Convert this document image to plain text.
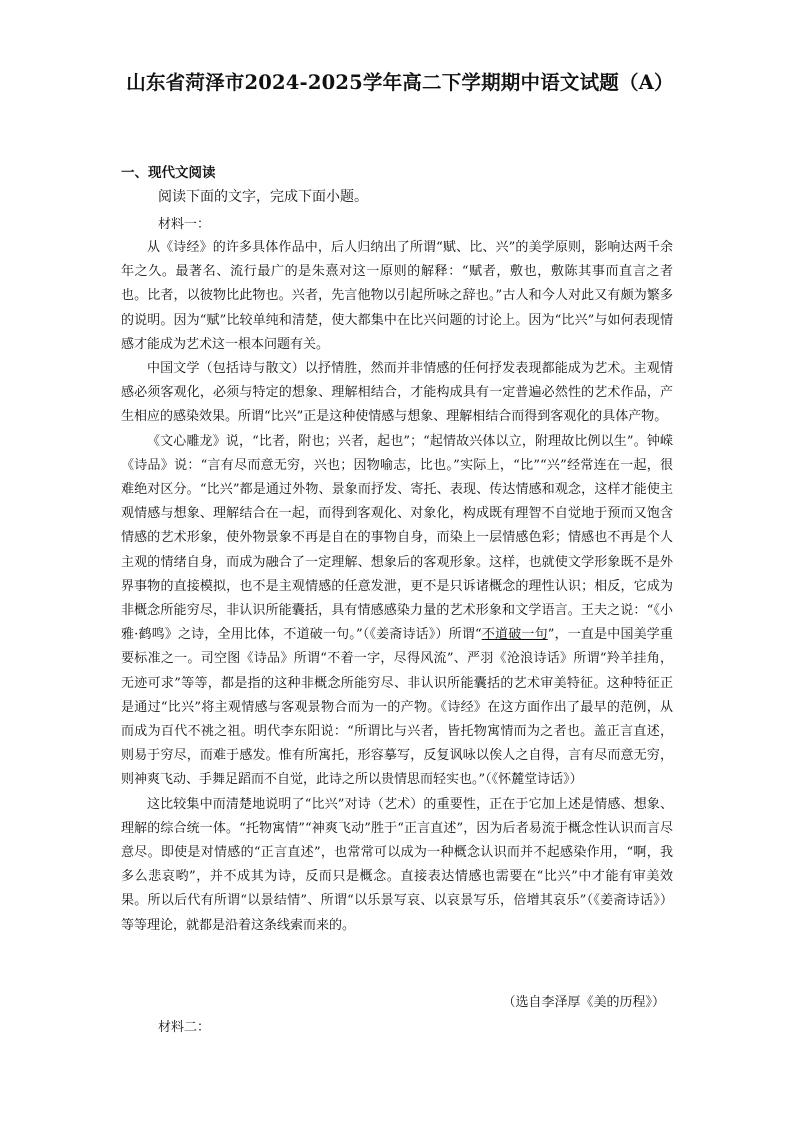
山东省菏泽市2024-2025学年高二下学期期中语文试题（A）
一、现代文阅读
阅读下面的文字，完成下面小题。
材料一：

从《诗经》的许多具体作品中，后人归纳出了所谓“赋、比、兴”的美学原则，影响达两千余年之久。最著名、流行最广的是朱熹对这一原则的解释：“赋者，敷也，敷陈其事而直言之者也。比者，以彼物比此物也。兴者，先言他物以引起所咏之辞也。”古人和今人对此又有颇为繁多的说明。因为“赋”比较单纯和清楚，使大都集中在比兴问题的讨论上。因为“比兴”与如何表现情感才能成为艺术这一根本问题有关。

中国文学（包括诗与散文）以抒情胜，然而并非情感的任何抒发表现都能成为艺术。主观情感必须客观化，必须与特定的想象、理解相结合，才能构成具有一定普遍必然性的艺术作品，产生相应的感染效果。所谓“比兴”正是这种使情感与想象、理解相结合而得到客观化的具体产物。

《文心雕龙》说，“比者，附也；兴者，起也”；“起情故兴体以立，附理故比例以生”。钟嵘《诗品》说：“言有尽而意无穷，兴也；因物喻志，比也。”实际上，“比”“兴”经常连在一起，很难绝对区分。“比兴”都是通过外物、景象而抒发、寄托、表现、传达情感和观念，这样才能使主观情感与想象、理解结合在一起，而得到客观化、对象化，构成既有理智不自觉地于预而又饱含情感的艺术形象，使外物景象不再是自在的事物自身，而染上一层情感色彩；情感也不再是个人主观的情绪自身，而成为融合了一定理解、想象后的客观形象。这样，也就使文学形象既不是外界事物的直接模拟，也不是主观情感的任意发泄，更不是只诉诸概念的理性认识；相反，它成为非概念所能穷尽，非认识所能囊括，具有情感感染力量的艺术形象和文学语言。王夫之说：“《小雅·鹤鸣》之诗，全用比体，不道破一句。”（《姜斋诗话》）所谓“不道破一句”，一直是中国美学重要标准之一。司空图《诗品》所谓“不着一字，尽得风流”、严羽《沧浪诗话》所谓“羚羊挂角，无迹可求”等等，都是指的这种非概念所能穷尽、非认识所能囊括的艺术审美特征。这种特征正是通过“比兴”将主观情感与客观景物合而为一的产物。《诗经》在这方面作出了最早的范例，从而成为百代不祧之祖。明代李东阳说：“所谓比与兴者，皆托物寓情而为之者也。盖正言直述，则易于穷尽，而难于感发。惟有所寓托，形容摹写，反复讽咏以俟人之自得，言有尽而意无穷，则神爽飞动、手舞足蹈而不自觉，此诗之所以贵情思而轻实也。”（《怀麓堂诗话》）

这比较集中而清楚地说明了“比兴”对诗（艺术）的重要性，正在于它加上述是情感、想象、理解的综合统一体。“托物寓情”“神爽飞动”胜于“正言直述”，因为后者易流于概念性认识而言尽意尽。即使是对情感的“正言直述”，也常常可以成为一种概念认识而并不起感染作用，“啊，我多么悲哀哟”，并不成其为诗，反而只是概念。直接表达情感也需要在“比兴”中才能有审美效果。所以后代有所谓“以景结情”、所谓“以乐景写哀、以哀景写乐，倍增其哀乐”（《姜斋诗话》）等等理论，就都是沿着这条线索而来的。

（选自李泽厚《美的历程》）
材料二：
